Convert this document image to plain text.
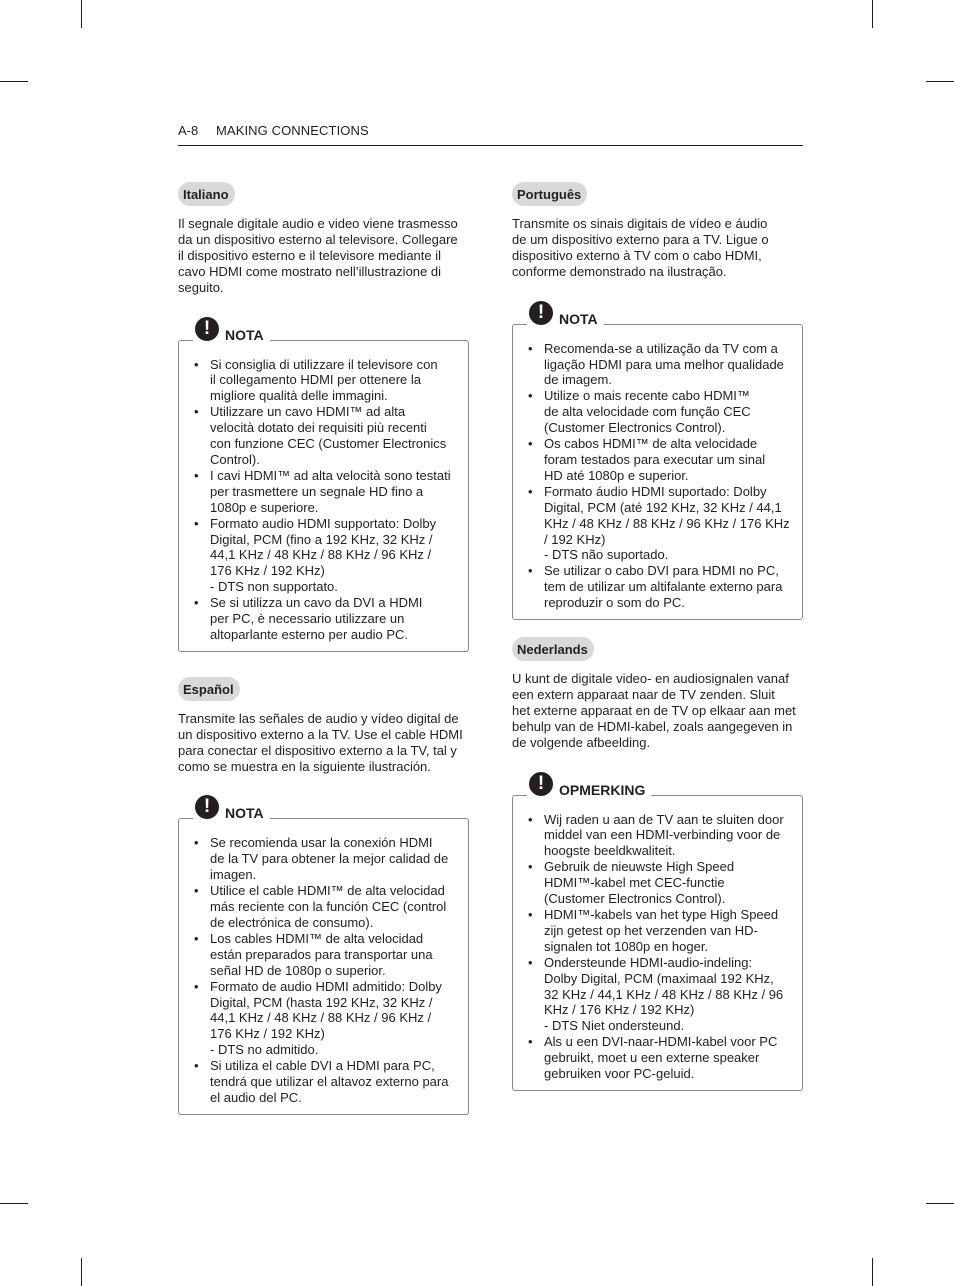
A-8 MAKING CONNECTIONS
Italiano

Il segnale digitale audio e video viene trasmesso
da un dispositivo esterno al televisore. Collegare
il dispositivo esterno e il televisore mediante il
cavo HDMI come mostrato nell’illustrazione di
seguito.

!	NOTA
• Si consiglia di utilizzare il televisore con
il collegamento HDMI per ottenere la
migliore qualità delle immagini.
• Utilizzare un cavo HDMI™ ad alta
velocità dotato dei requisiti più recenti
con funzione CEC (Customer Electronics
Control).
• I cavi HDMI™ ad alta velocità sono testati
per trasmettere un segnale HD fino a
1080p e superiore.
• Formato audio HDMI supportato: Dolby
Digital, PCM (fino a 192 KHz, 32 KHz /
44,1 KHz / 48 KHz / 88 KHz / 96 KHz /
176 KHz / 192 KHz)
- DTS non supportato.
• Se si utilizza un cavo da DVI a HDMI
per PC, è necessario utilizzare un
altoparlante esterno per audio PC.
Español

Transmite las señales de audio y vídeo digital de
un dispositivo externo a la TV. Use el cable HDMI
para conectar el dispositivo externo a la TV, tal y
como se muestra en la siguiente ilustración.

!	NOTA
• Se recomienda usar la conexión HDMI
de la TV para obtener la mejor calidad de
imagen.
• Utilice el cable HDMI™ de alta velocidad
más reciente con la función CEC (control
de electrónica de consumo).
• Los cables HDMI™ de alta velocidad
están preparados para transportar una
señal HD de 1080p o superior.
• Formato de audio HDMI admitido: Dolby
Digital, PCM (hasta 192 KHz, 32 KHz /
44,1 KHz / 48 KHz / 88 KHz / 96 KHz /
176 KHz / 192 KHz)
- DTS no admitido.
• Si utiliza el cable DVI a HDMI para PC,
tendrá que utilizar el altavoz externo para
el audio del PC.
Português

Transmite os sinais digitais de vídeo e áudio
de um dispositivo externo para a TV. Ligue o
dispositivo externo à TV com o cabo HDMI,
conforme demonstrado na ilustração.

!	NOTA
• Recomenda-se a utilização da TV com a
ligação HDMI para uma melhor qualidade
de imagem.
• Utilize o mais recente cabo HDMI™
de alta velocidade com função CEC
(Customer Electronics Control).
• Os cabos HDMI™ de alta velocidade
foram testados para executar um sinal
HD até 1080p e superior.
• Formato áudio HDMI suportado: Dolby
Digital, PCM (até 192 KHz, 32 KHz / 44,1
KHz / 48 KHz / 88 KHz / 96 KHz / 176 KHz
/ 192 KHz)
- DTS não suportado.
• Se utilizar o cabo DVI para HDMI no PC,
tem de utilizar um altifalante externo para
reproduzir o som do PC.
Nederlands

U kunt de digitale video- en audiosignalen vanaf
een extern apparaat naar de TV zenden. Sluit
het externe apparaat en de TV op elkaar aan met
behulp van de HDMI-kabel, zoals aangegeven in
de volgende afbeelding.

!	OPMERKING
• Wij raden u aan de TV aan te sluiten door
middel van een HDMI-verbinding voor de
hoogste beeldkwaliteit.
• Gebruik de nieuwste High Speed
HDMI™-kabel met CEC-functie
(Customer Electronics Control).
• HDMI™-kabels van het type High Speed
zijn getest op het verzenden van HD-
signalen tot 1080p en hoger.
• Ondersteunde HDMI-audio-indeling:
Dolby Digital, PCM (maximaal 192 KHz,
32 KHz / 44,1 KHz / 48 KHz / 88 KHz / 96
KHz / 176 KHz / 192 KHz)
- DTS Niet ondersteund.
• Als u een DVI-naar-HDMI-kabel voor PC
gebruikt, moet u een externe speaker
gebruiken voor PC-geluid.
